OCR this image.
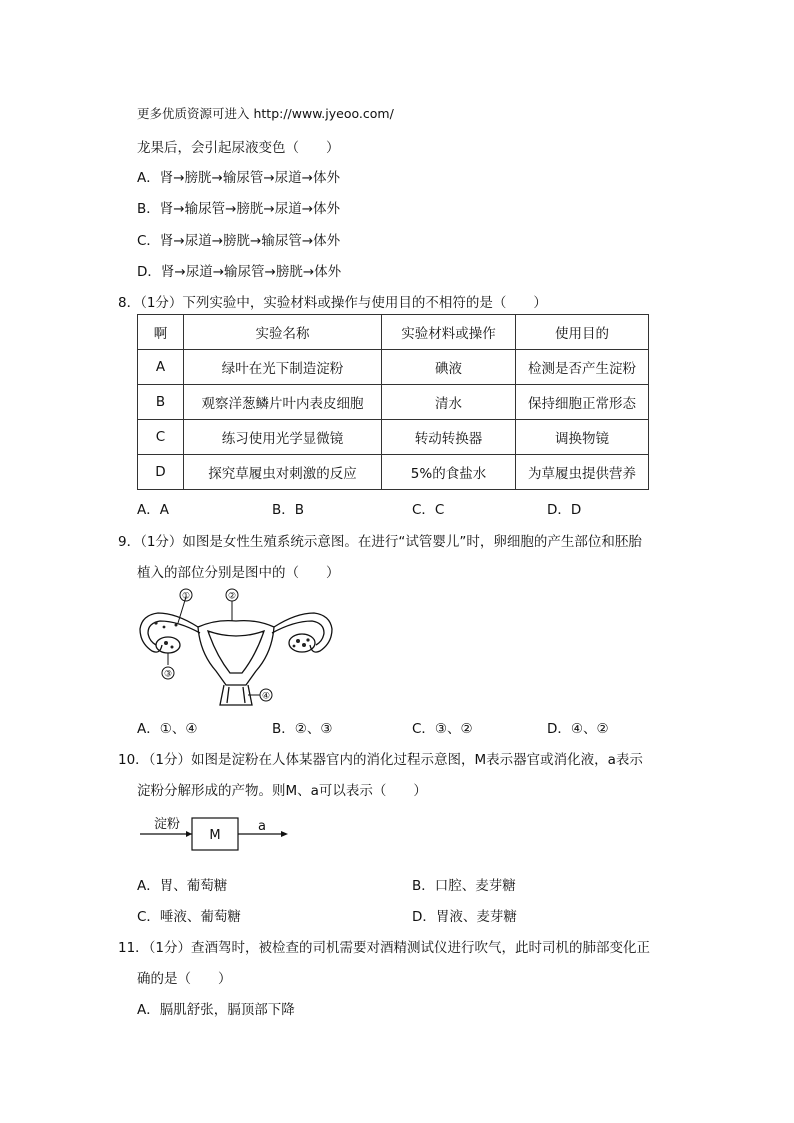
更多优质资源可进入 http://www.jyeoo.com/
龙果后，会引起尿液变色（　　）
A．肾→膀胱→输尿管→尿道→体外
B．肾→输尿管→膀胱→尿道→体外
C．肾→尿道→膀胱→输尿管→体外
D．肾→尿道→输尿管→膀胱→体外
8．（1分）下列实验中，实验材料或操作与使用目的不相符的是（　　）
啊	实验名称	实验材料或操作	使用目的
A	绿叶在光下制造淀粉	碘液	检测是否产生淀粉
B	观察洋葱鳞片叶内表皮细胞	清水	保持细胞正常形态
C	练习使用光学显微镜	转动转换器	调换物镜
D	探究草履虫对刺激的反应	5%的食盐水	为草履虫提供营养
A．A	B．B	C．C	D．D
9．（1分）如图是女性生殖系统示意图。在进行“试管婴儿”时，卵细胞的产生部位和胚胎
植入的部位分别是图中的（　　）
①	②
③
④
A．①、④	B．②、③	C．③、②	D．④、②
10．（1分）如图是淀粉在人体某器官内的消化过程示意图，M表示器官或消化液，a表示
淀粉分解形成的产物。则M、a可以表示（　　）
淀粉
M
a
A．胃、葡萄糖	B．口腔、麦芽糖
C．唾液、葡萄糖	D．胃液、麦芽糖
11．（1分）查酒驾时，被检查的司机需要对酒精测试仪进行吹气，此时司机的肺部变化正
确的是（　　）
A．膈肌舒张，膈顶部下降
